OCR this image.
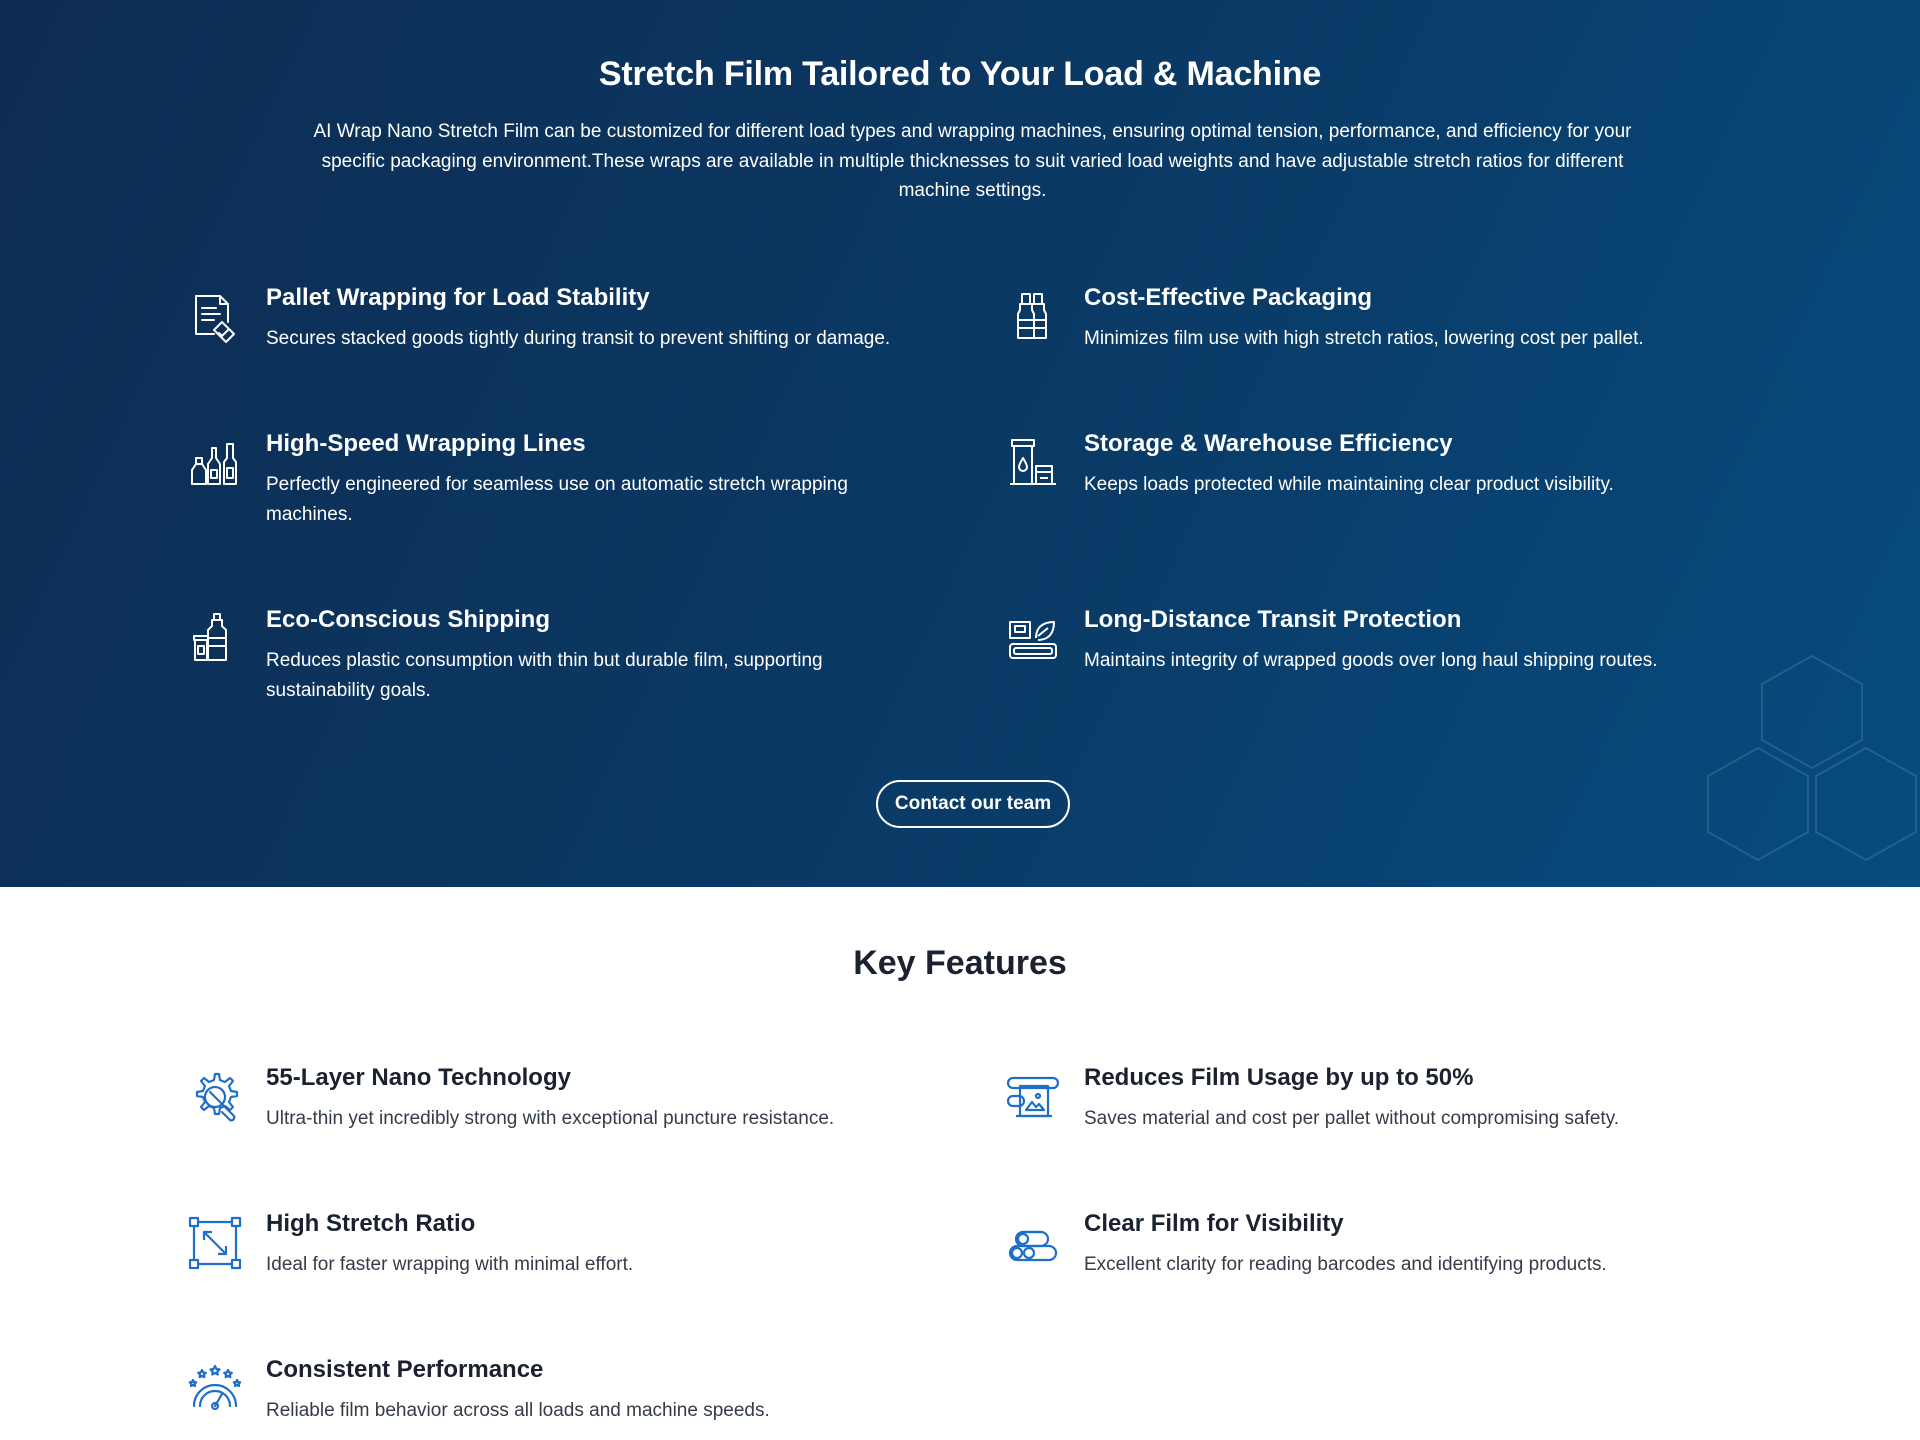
Stretch Film Tailored to Your Load & Machine

AI Wrap Nano Stretch Film can be customized for different load types and wrapping machines, ensuring optimal tension, performance, and efficiency for your specific packaging environment.These wraps are available in multiple thicknesses to suit varied load weights and have adjustable stretch ratios for different machine settings.

Pallet Wrapping for Load Stability

Secures stacked goods tightly during transit to prevent shifting or damage.

Cost-Effective Packaging

Minimizes film use with high stretch ratios, lowering cost per pallet.

High-Speed Wrapping Lines

Perfectly engineered for seamless use on automatic stretch wrapping machines.

Storage & Warehouse Efficiency

Keeps loads protected while maintaining clear product visibility.

Eco-Conscious Shipping

Reduces plastic consumption with thin but durable film, supporting sustainability goals.

Long-Distance Transit Protection

Maintains integrity of wrapped goods over long haul shipping routes.

Contact our team
Key Features
55-Layer Nano Technology

Ultra-thin yet incredibly strong with exceptional puncture resistance.

Reduces Film Usage by up to 50%

Saves material and cost per pallet without compromising safety.

High Stretch Ratio

Ideal for faster wrapping with minimal effort.

Clear Film for Visibility

Excellent clarity for reading barcodes and identifying products.

Consistent Performance

Reliable film behavior across all loads and machine speeds.
